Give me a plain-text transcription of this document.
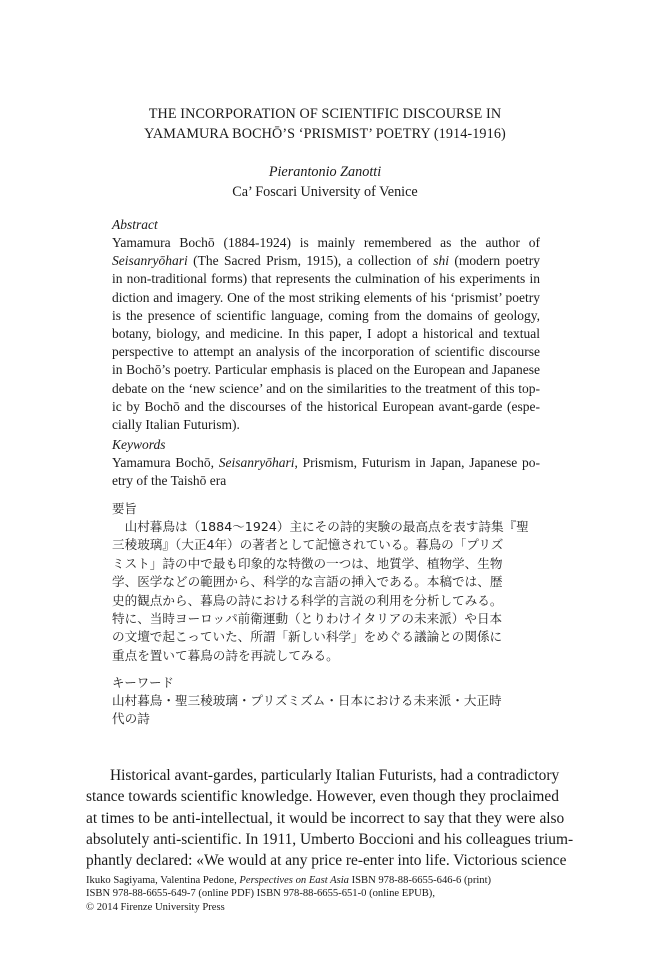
THE INCORPORATION OF SCIENTIFIC DISCOURSE IN
YAMAMURA BOCHŌ’S ‘PRISMIST’ POETRY (1914-1916)
Pierantonio Zanotti
Ca’ Foscari University of Venice
Abstract
Yamamura Bochō (1884-1924) is mainly remembered as the author of
Seisanryōhari (The Sacred Prism, 1915), a collection of shi (modern poetry
in non-traditional forms) that represents the culmination of his experiments in
diction and imagery. One of the most striking elements of his ‘prismist’ poetry
is the presence of scientific language, coming from the domains of geology,
botany, biology, and medicine. In this paper, I adopt a historical and textual
perspective to attempt an analysis of the incorporation of scientific discourse
in Bochō’s poetry. Particular emphasis is placed on the European and Japanese
debate on the ‘new science’ and on the similarities to the treatment of this top-
ic by Bochō and the discourses of the historical European avant-garde (espe-
cially Italian Futurism).
Keywords
Yamamura Bochō, Seisanryōhari, Prismism, Futurism in Japan, Japanese po-
etry of the Taishō era
要旨
　山村暮鳥は（1884〜1924）主にその詩的実験の最高点を表す詩集『聖
三稜玻璃』（大正4年）の著者として記憶されている。暮鳥の「プリズ
ミスト」詩の中で最も印象的な特徴の一つは、地質学、植物学、生物
学、医学などの範囲から、科学的な言語の挿入である。本稿では、歴
史的観点から、暮鳥の詩における科学的言説の利用を分析してみる。
特に、当時ヨーロッパ前衛運動（とりわけイタリアの未来派）や日本
の文壇で起こっていた、所謂「新しい科学」をめぐる議論との関係に
重点を置いて暮鳥の詩を再読してみる。
キーワード
山村暮鳥・聖三稜玻璃・プリズミズム・日本における未来派・大正時
代の詩
Historical avant-gardes, particularly Italian Futurists, had a contradictory
stance towards scientific knowledge. However, even though they proclaimed
at times to be anti-intellectual, it would be incorrect to say that they were also
absolutely anti-scientific. In 1911, Umberto Boccioni and his colleagues trium-
phantly declared: «We would at any price re-enter into life. Victorious science
Ikuko Sagiyama, Valentina Pedone, Perspectives on East Asia ISBN 978-88-6655-646-6 (print)
ISBN 978-88-6655-649-7 (online PDF) ISBN 978-88-6655-651-0 (online EPUB),
© 2014 Firenze University Press
